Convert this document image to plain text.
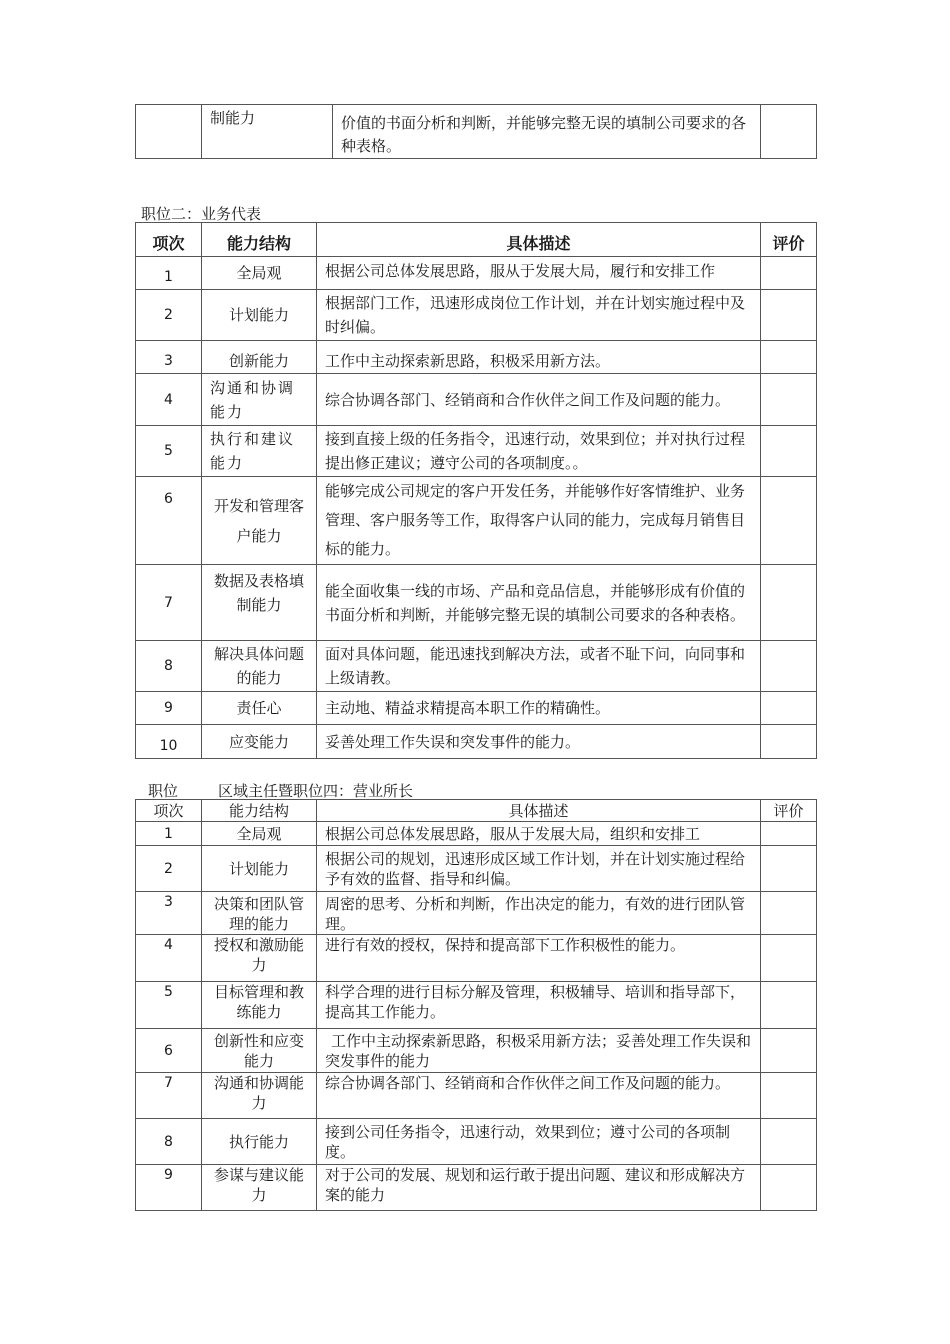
	制能力	价值的书面分析和判断，并能够完整无误的填制公司要求的各种表格。	
职位二：业务代表
项次	能力结构	具体描述	评价
1	全局观	根据公司总体发展思路，服从于发展大局，履行和安排工作	

2	计划能力	根据部门工作，迅速形成岗位工作计划，并在计划实施过程中及时纠偏。	
3	创新能力	工作中主动探索新思路，积极采用新方法。	
4	沟通和协调能力	综合协调各部门、经销商和合作伙伴之间工作及问题的能力。	
5	执行和建议能力	接到直接上级的任务指令，迅速行动，效果到位；并对执行过程提出修正建议；遵守公司的各项制度。。	
6	开发和管理客户能力	能够完成公司规定的客户开发任务，并能够作好客情维护、业务管理、客户服务等工作，取得客户认同的能力，完成每月销售目标的能力。	
7	数据及表格填制能力	能全面收集一线的市场、产品和竞品信息，并能够形成有价值的书面分析和判断，并能够完整无误的填制公司要求的各种表格。	
8	解决具体问题的能力	面对具体问题，能迅速找到解决方法，或者不耻下问，向同事和上级请教。	
9	责任心	主动地、精益求精提高本职工作的精确性。	
10	应变能力	妥善处理工作失误和突发事件的能力。	
职位	区域主任暨职位四：营业所长
项次	能力结构	具体描述	评价
1	全局观	根据公司总体发展思路，服从于发展大局，组织和安排工	

2	计划能力	根据公司的规划，迅速形成区域工作计划，并在计划实施过程给予有效的监督、指导和纠偏。	
3	决策和团队管理的能力	周密的思考、分析和判断，作出决定的能力，有效的进行团队管理。	
4	授权和激励能力	进行有效的授权，保持和提高部下工作积极性的能力。	
5	目标管理和教练能力	科学合理的进行目标分解及管理，积极辅导、培训和指导部下，提高其工作能力。	
6	创新性和应变能力	工作中主动探索新思路，积极采用新方法；妥善处理工作失误和突发事件的能力	
7	沟通和协调能力	综合协调各部门、经销商和合作伙伴之间工作及问题的能力。	
8	执行能力	接到公司任务指令，迅速行动，效果到位；遵寸公司的各项制度。	
9	参谋与建议能力	对于公司的发展、规划和运行敢于提出问题、建议和形成解决方案的能力	
